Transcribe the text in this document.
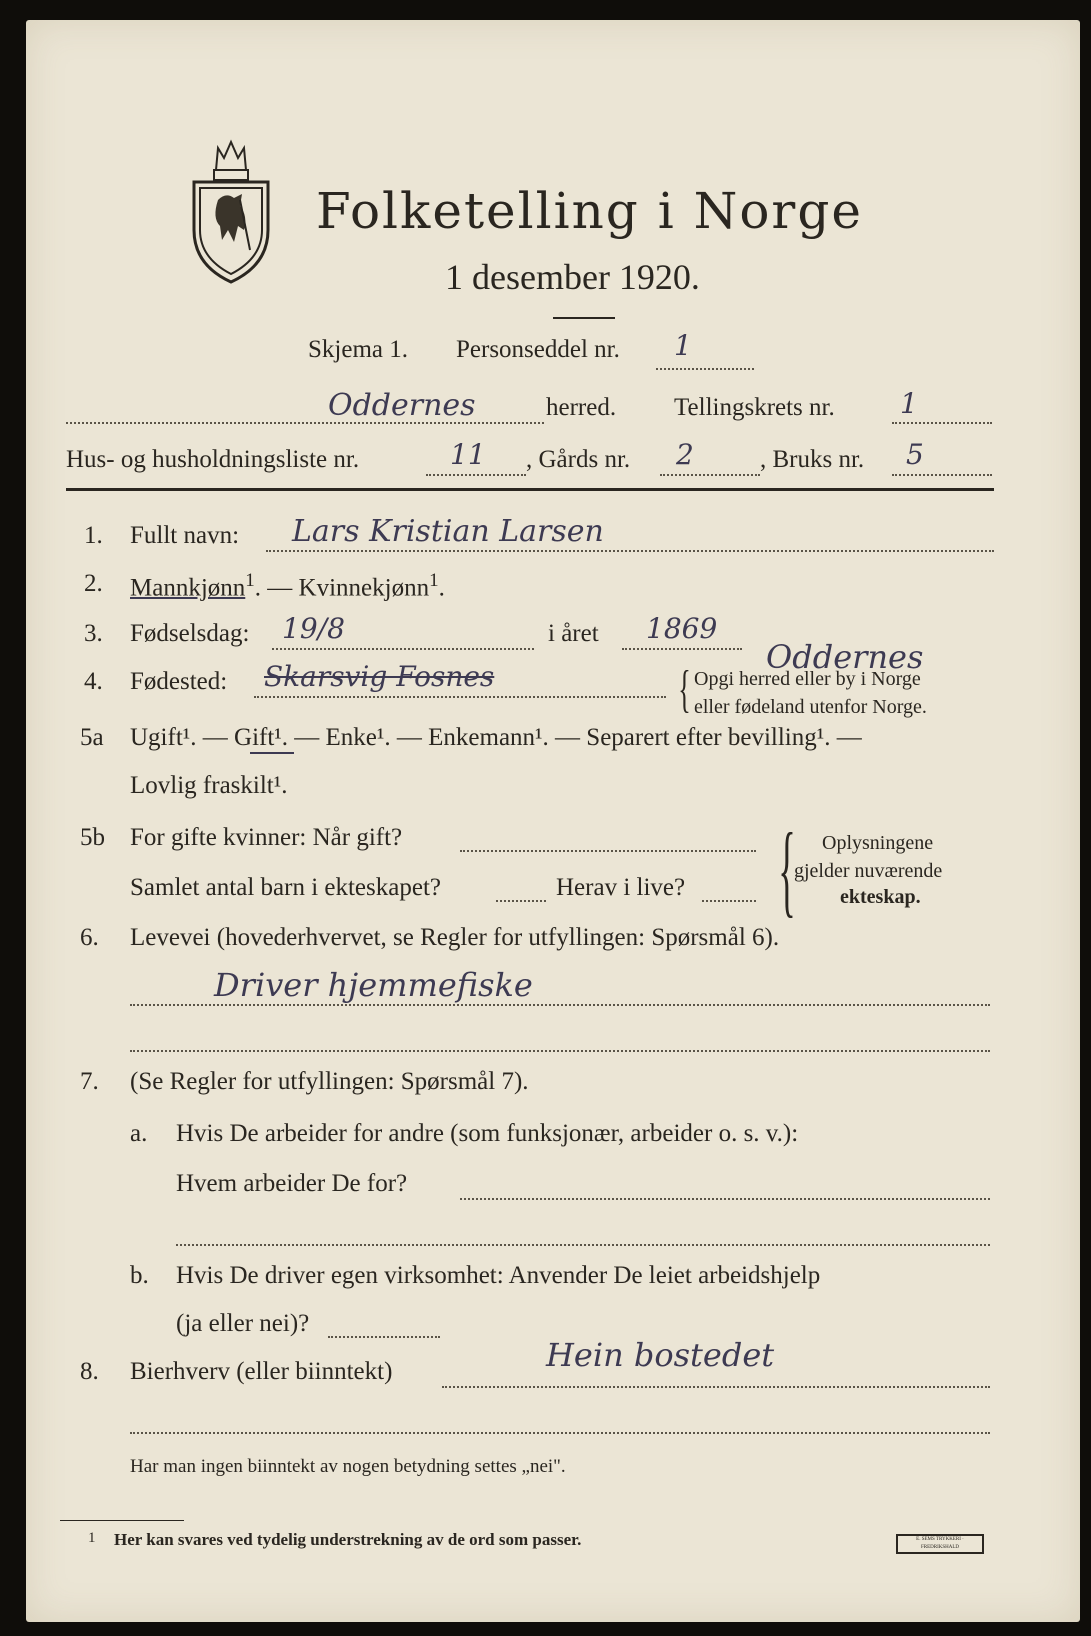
Folketelling i Norge
1 desember 1920.
Skjema 1. Personseddel nr. 1
Oddernes	herred. Tellingskrets nr. 1
Hus- og husholdningsliste nr.	11 , Gårds nr. 2	, Bruks nr. 5
1. Fullt navn: Lars Kristian Larsen
2. Mannkjønn$^1$. — Kvinnekjønn$^1$.
3. Fødselsdag: 19/8	i året 1869
4. Fødested: Skarsvig Fosnes
Oddernes
{ Opgi herred eller by i Norge
eller fødeland utenfor Norge.
5a Ugift¹. — Gift¹. — Enke¹. — Enkemann¹. — Separert efter bevilling¹. —
Lovlig fraskilt¹.
5b For gifte kvinner: Når gift?
Samlet antal barn i ekteskapet?	Herav i live? { Oplysningene
gjelder nuværende
ekteskap.
6. Levevei (hovederhvervet, se Regler for utfyllingen: Spørsmål 6).
Driver hjemmefiske
7. (Se Regler for utfyllingen: Spørsmål 7).
a. Hvis De arbeider for andre (som funksjonær, arbeider o. s. v.):
Hvem arbeider De for?
b. Hvis De driver egen virksomhet: Anvender De leiet arbeidshjelp
(ja eller nei)?
8. Bierhverv (eller biinntekt)	Hein bostedet
Har man ingen biinntekt av nogen betydning settes „nei".
1 Her kan svares ved tydelig understrekning av de ord som passer.	E. SEMS TRYKKERI · FREDRIKSHALD
